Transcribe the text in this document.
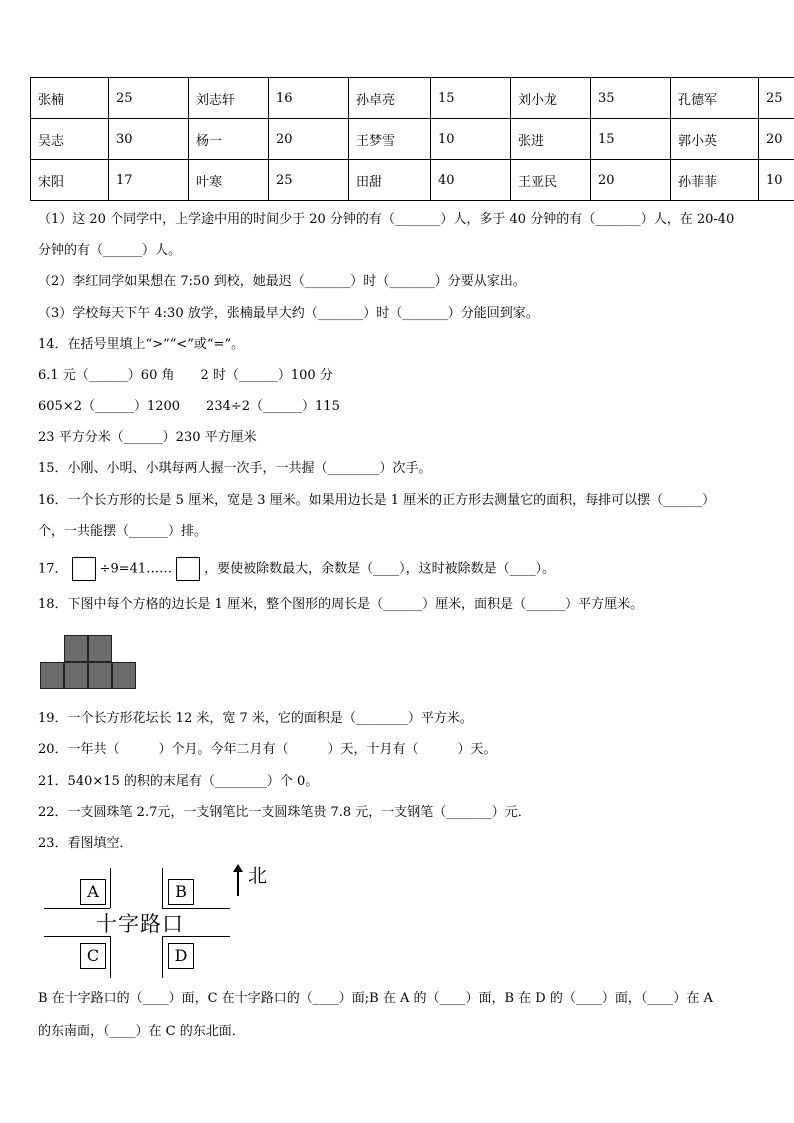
张楠	25	刘志轩	16	孙卓亮	15	刘小龙	35	孔德军	25
吴志	30	杨一	20	王梦雪	10	张进	15	郭小英	20
宋阳	17	叶寒	25	田甜	40	王亚民	20	孙菲菲	10
（1）这 20 个同学中，上学途中用的时间少于 20 分钟的有（_______）人，多于 40 分钟的有（_______）人，在 20-40
分钟的有（______）人。
（2）李红同学如果想在 7:50 到校，她最迟（_______）时（_______）分要从家出。
（3）学校每天下午 4:30 放学，张楠最早大约（_______）时（_______）分能回到家。
14．在括号里填上“>”“<”或“=”。
6.1 元（______）60 角　　2 时（______）100 分
605×2（______）1200　　234÷2（______）115
23 平方分米（______）230 平方厘米
15．小刚、小明、小琪每两人握一次手，一共握（________）次手。
16．一个长方形的长是 5 厘米，宽是 3 厘米。如果用边长是 1 厘米的正方形去测量它的面积，每排可以摆（______）
个，一共能摆（______）排。
17． ÷9=41…… ，要使被除数最大，余数是（____），这时被除数是（____）。
18．下图中每个方格的边长是 1 厘米，整个图形的周长是（______）厘米，面积是（______）平方厘米。
19．一个长方形花坛长 12 米，宽 7 米，它的面积是（________）平方米。
20．一年共（　　　）个月。今年二月有（　　　）天，十月有（　　　）天。
21．540×15 的积的末尾有（________）个 0。
22．一支圆珠笔 2.7元，一支钢笔比一支圆珠笔贵 7.8 元，一支钢笔（_______）元．
23．看图填空．
A	B
C	D
十字路口
北
B 在十字路口的（____）面，C 在十字路口的（____）面;B 在 A 的（____）面，B 在 D 的（____）面，（____）在 A
的东南面，（____）在 C 的东北面．
